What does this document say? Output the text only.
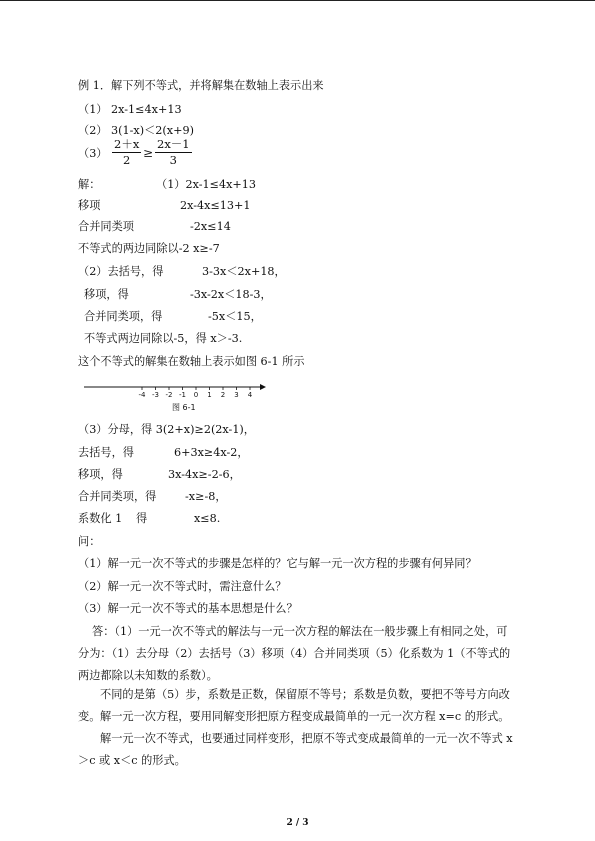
例 1．解下列不等式，并将解集在数轴上表示出来
（1） 2x-1≤4x+13
（2） 3(1-x)＜2(x+9)
$(3) \frac{2+x}{2} \ge \frac{2x-1}{3}$
解：	（1）2x-1≤4x+13
移项	2x-4x≤13+1
合并同类项	-2x≤14
不等式的两边同除以-2 x≥-7
（2）去括号，得	3-3x＜2x+18，
移项，得	-3x-2x＜18-3，
合并同类项，得	-5x＜15，
不等式两边同除以-5，得 x＞-3.
这个不等式的解集在数轴上表示如图 6-1 所示
-4 -3 -2 -1 0 1 2 3 4
图 6-1
（3）分母，得 3(2+x)≥2(2x-1)，
去括号，得	6+3x≥4x-2，
移项，得	3x-4x≥-2-6，
合并同类项，得	-x≥-8，
系数化 1 得	x≤8.
问：
（1）解一元一次不等式的步骤是怎样的？它与解一元一次方程的步骤有何异同？
（2）解一元一次不等式时，需注意什么？
（3）解一元一次不等式的基本思想是什么？
答：（1）一元一次不等式的解法与一元一次方程的解法在一般步骤上有相同之处，可分为：（1）去分母（2）去括号（3）移项（4）合并同类项（5）化系数为 1（不等式的两边都除以未知数的系数）。
不同的是第（5）步，系数是正数，保留原不等号；系数是负数，要把不等号方向改变。 解一元一次方程，要用同解变形把原方程变成最简单的一元一次方程 x=c 的形式。
解一元一次不等式，也要通过同样变形，把原不等式变成最简单的一元一次不等式 x＞c 或 x＜c 的形式。
2 / 3
